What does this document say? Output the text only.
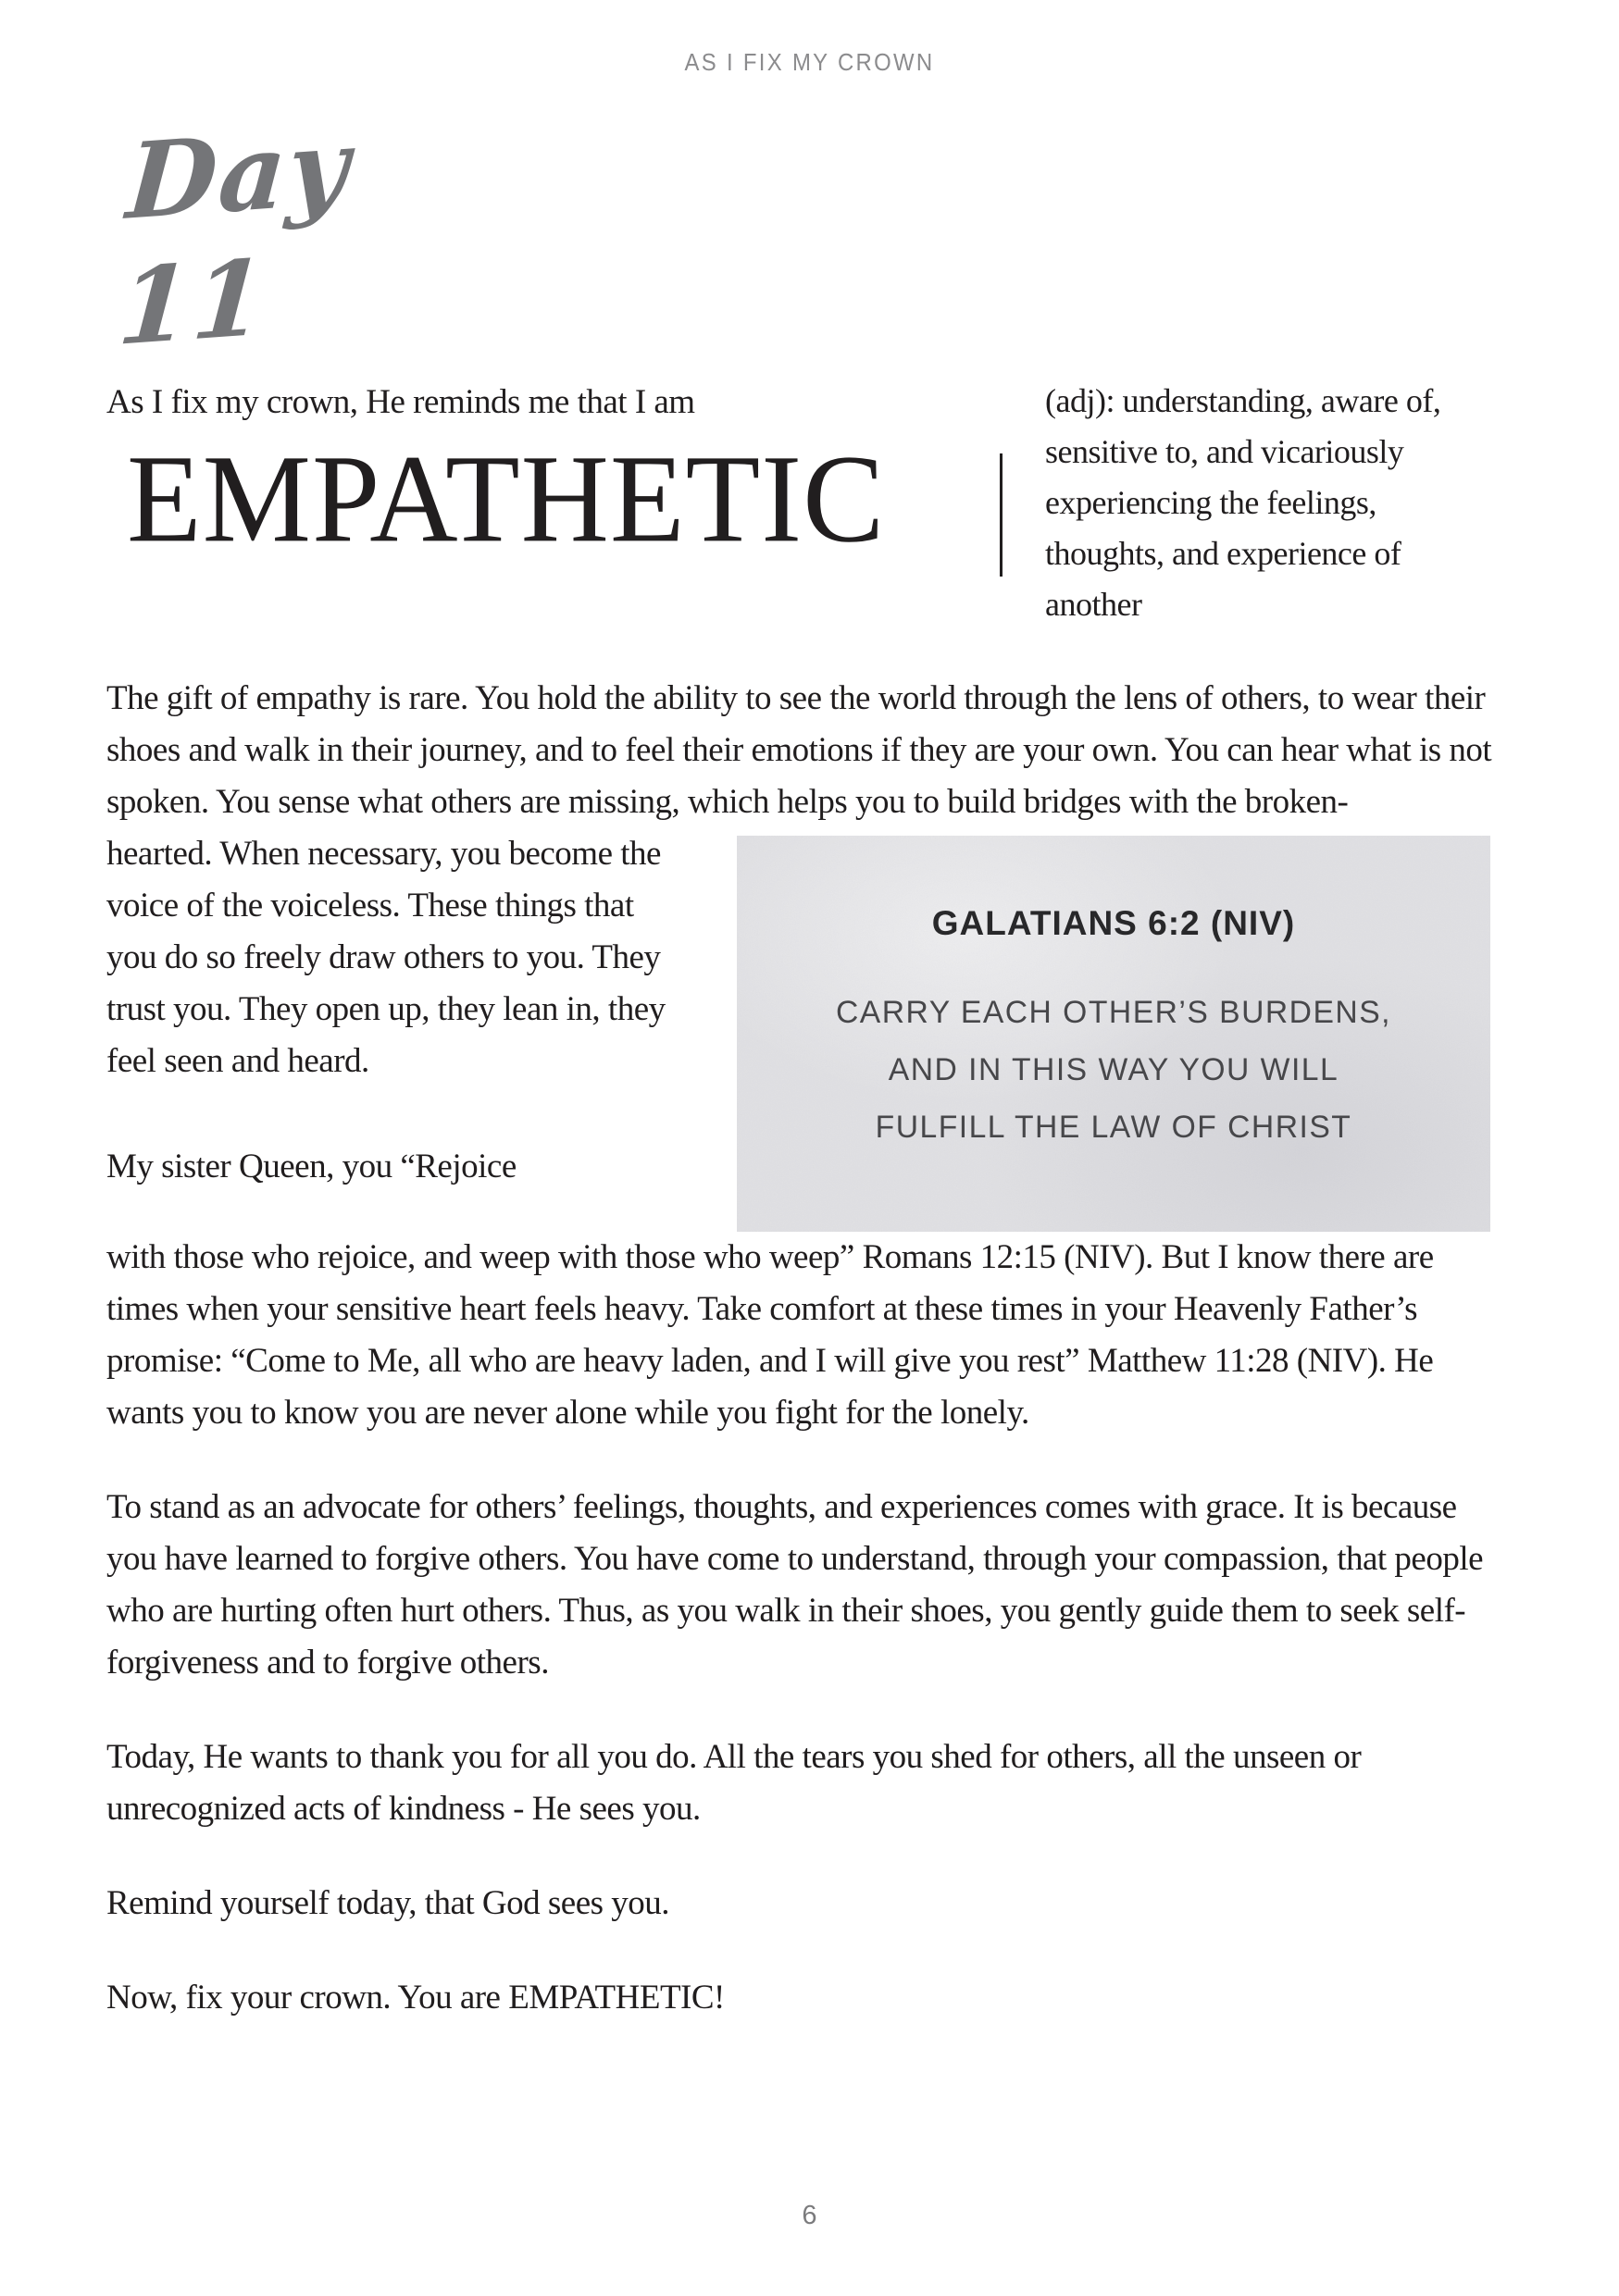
AS I FIX MY CROWN
Day 11
As I fix my crown, He reminds me that I am
EMPATHETIC
(adj): understanding, aware of, sensitive to, and vicariously experiencing the feelings, thoughts, and experience of another

The gift of empathy is rare. You hold the ability to see the world through the lens of others, to wear their shoes and walk in their journey, and to feel their emotions if they are your own. You can hear what is not spoken. You sense what others are missing, which helps you to build bridges with the broken-

hearted. When necessary, you become the voice of the voiceless. These things that you do so freely draw others to you. They trust you. They open up, they lean in, they feel seen and heard.

My sister Queen, you “Rejoice

GALATIANS 6:2 (NIV)
CARRY EACH OTHER’S BURDENS,
AND IN THIS WAY YOU WILL
FULFILL THE LAW OF CHRIST

with those who rejoice, and weep with those who weep” Romans 12:15 (NIV). But I know there are times when your sensitive heart feels heavy. Take comfort at these times in your Heavenly Father’s promise: “Come to Me, all who are heavy laden, and I will give you rest” Matthew 11:28 (NIV). He wants you to know you are never alone while you fight for the lonely.

To stand as an advocate for others’ feelings, thoughts, and experiences comes with grace. It is because you have learned to forgive others. You have come to understand, through your compassion, that people who are hurting often hurt others. Thus, as you walk in their shoes, you gently guide them to seek self-forgiveness and to forgive others.

Today, He wants to thank you for all you do. All the tears you shed for others, all the unseen or unrecognized acts of kindness - He sees you.

Remind yourself today, that God sees you.

Now, fix your crown. You are EMPATHETIC!

6
